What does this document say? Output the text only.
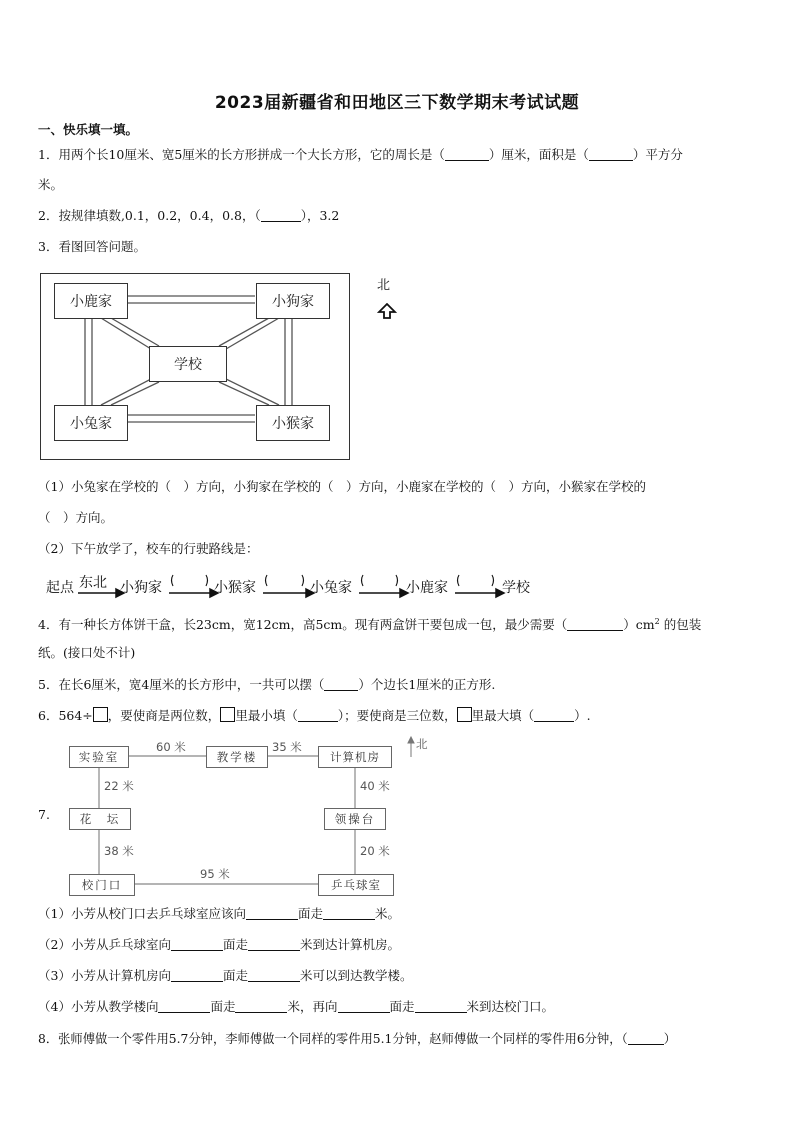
2023届新疆省和田地区三下数学期末考试试题
一、快乐填一填。
1．用两个长10厘米、宽5厘米的长方形拼成一个大长方形，它的周长是（	）厘米，面积是（	）平方分
米。
2．按规律填数,0.1，0.2，0.4，0.8，（	），3.2
3．看图回答问题。
小鹿家	小狗家
学校
小兔家	小猴家
北
（1）小兔家在学校的（　）方向，小狗家在学校的（　）方向，小鹿家在学校的（　）方向，小猴家在学校的
（　）方向。
（2）下午放学了，校车的行驶路线是：
起点 东北 小狗家	小猴家	小兔家	小鹿家	学校
4．有一种长方体饼干盒，长23cm，宽12cm，高5cm。现有两盒饼干要包成一包，最少需要（	）$cm^2$ 的包装
纸。(接口处不计)
5．在长6厘米，宽4厘米的长方形中，一共可以摆（	）个边长1厘米的正方形.
6．564÷ ，要使商是两位数， 里最小填（	）；要使商是三位数， 里最大填（	）.
7.
实验室	教学楼	计算机房
花　坛	领操台
校门口	乒乓球室
60 米	35 米
22 米	40 米
38 米	20 米
95 米
北
（1）小芳从校门口去乒乓球室应该向	面走	米。
（2）小芳从乒乓球室向	面走	米到达计算机房。
（3）小芳从计算机房向	面走	米可以到达教学楼。
（4）小芳从教学楼向	面走	米，再向	面走	米到达校门口。
8．张师傅做一个零件用5.7分钟，李师傅做一个同样的零件用5.1分钟，赵师傅做一个同样的零件用6分钟，（	）
